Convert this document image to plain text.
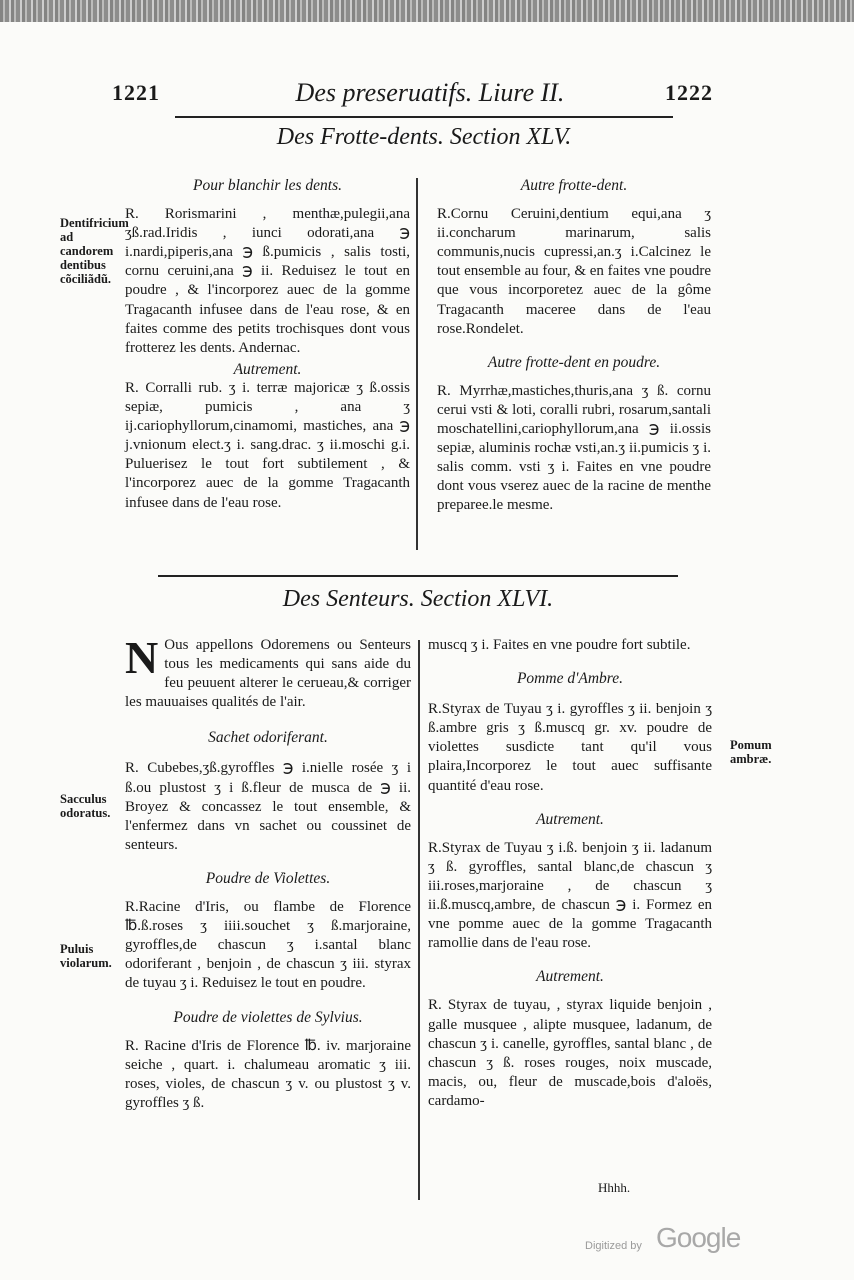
1221	Des preseruatifs. Liure II.	1222
Des Frotte-dents. Section XLV.
Dentifricium ad candorem dentibus cõciliãdũ.
Pour blanchir les dents.

R. Rorismarini , menthæ,pulegii,ana ʒß.rad.Iridis , iunci odorati,ana ℈ i.nardi,piperis,ana ℈ ß.pumicis , salis tosti, cornu ceruini,ana ℈ ii. Reduisez le tout en poudre , & l'incorporez auec de la gomme Tragacanth infusee dans de l'eau rose, & en faites comme des petits trochisques dont vous frotterez les dents. Andernac.

Autrement.

R. Corralli rub. ʒ i. terræ majoricæ ʒ ß.ossis sepiæ, pumicis , ana ʒ ij.cariophyllorum,cinamomi, mastiches, ana ℈ j.vnionum elect.ʒ i. sang.drac. ʒ ii.moschi g.i. Puluerisez le tout fort subtilement , & l'incorporez auec de la gomme Tragacanth infusee dans de l'eau rose.

Autre frotte-dent.

R.Cornu Ceruini,dentium equi,ana ʒ ii.concharum marinarum, salis communis,nucis cupressi,an.ʒ i.Calcinez le tout ensemble au four, & en faites vne poudre que vous incorporetez auec de la gôme Tragacanth maceree dans de l'eau rose.Rondelet.

Autre frotte-dent en poudre.

R. Myrrhæ,mastiches,thuris,ana ʒ ß. cornu cerui vsti & loti, coralli rubri, rosarum,santali moschatellini,cariophyllorum,ana ℈ ii.ossis sepiæ, aluminis rochæ vsti,an.ʒ ii.pumicis ʒ i. salis comm. vsti ʒ i. Faites en vne poudre dont vous vserez auec de la racine de menthe preparee.le mesme.

Des Senteurs. Section XLVI.

N Ous appellons Odoremens ou Senteurs tous les medicaments qui sans aide du feu peuuent alterer le cerueau,& corriger les mauuaises qualités de l'air.

Sachet odoriferant.

R. Cubebes,ʒß.gyroffles ℈ i.nielle rosée ʒ i ß.ou plustost ʒ i ß.fleur de musca de ℈ ii. Broyez & concassez le tout ensemble, & l'enfermez dans vn sachet ou coussinet de senteurs.

Poudre de Violettes.

R.Racine d'Iris, ou flambe de Florence ℔.ß.roses ʒ iiii.souchet ʒ ß.marjoraine, gyroffles,de chascun ʒ i.santal blanc odoriferant , benjoin , de chascun ʒ iii. styrax de tuyau ʒ i. Reduisez le tout en poudre.

Poudre de violettes de Sylvius.

R. Racine d'Iris de Florence ℔. iv. marjoraine seiche , quart. i. chalumeau aromatic ʒ iii. roses, violes, de chascun ʒ v. ou plustost ʒ v. gyroffles ʒ ß.

Sacculus odoratus.
Puluis violarum.

muscq ʒ i. Faites en vne poudre fort subtile.

Pomme d'Ambre.

R.Styrax de Tuyau ʒ i. gyroffles ʒ ii. benjoin ʒ ß.ambre gris ʒ ß.muscq gr. xv. poudre de violettes susdicte tant qu'il vous plaira,Incorporez le tout auec suffisante quantité d'eau rose.

Autrement.

R.Styrax de Tuyau ʒ i.ß. benjoin ʒ ii. ladanum ʒ ß. gyroffles, santal blanc,de chascun ʒ iii.roses,marjoraine , de chascun ʒ ii.ß.muscq,ambre, de chascun ℈ i. Formez en vne pomme auec de la gomme Tragacanth ramollie dans de l'eau rose.

Autrement.

R. Styrax de tuyau, , styrax liquide benjoin , galle musquee , alipte musquee, ladanum, de chascun ʒ i. canelle, gyroffles, santal blanc , de chascun ʒ ß. roses rouges, noix muscade, macis, ou, fleur de muscade,bois d'aloës, cardamo-

Pomum ambræ.
Hhhh.
Digitized by Google
